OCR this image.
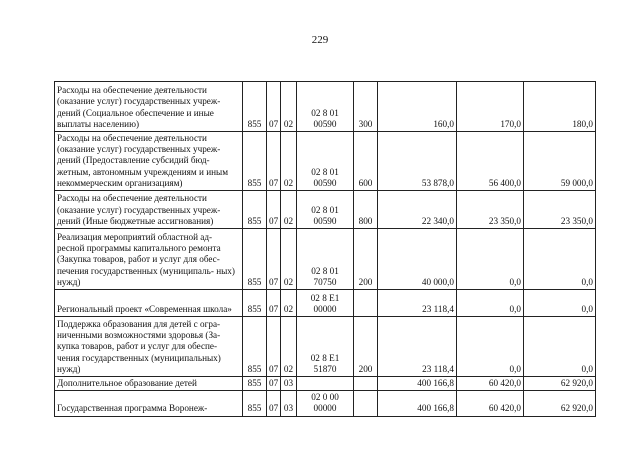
229
Расходы на обеспечение деятельности (оказание услуг) государственных учреж- дений (Социальное обеспечение и иные выплаты населению)	855	07	02	02 8 01 00590	300	160,0	170,0	180,0

Расходы на обеспечение деятельности (оказание услуг) государственных учреж- дений (Предоставление субсидий бюд- жетным, автономным учреждениям и иным некоммерческим организациям)	855	07	02	02 8 01 00590	600	53 878,0	56 400,0	59 000,0

Расходы на обеспечение деятельности (оказание услуг) государственных учреж- дений (Иные бюджетные ассигнования)	855	07	02	02 8 01 00590	800	22 340,0	23 350,0	23 350,0

Реализация мероприятий областной ад- ресной программы капитального ремонта (Закупка товаров, работ и услуг для обес- печения государственных (муниципаль- ных) нужд)	855	07	02	02 8 01 70750	200	40 000,0	0,0	0,0

Региональный проект «Современная школа»	855	07	02	02 8 E1 00000		23 118,4	0,0	0,0

Поддержка образования для детей с огра- ниченными возможностями здоровья (За- купка товаров, работ и услуг для обеспе- чения государственных (муниципальных) нужд)	855	07	02	02 8 E1 51870	200	23 118,4	0,0	0,0

Дополнительное образование детей	855	07	03			400 166,8	60 420,0	62 920,0

Государственная программа Воронеж-	855	07	03	02 0 00 00000		400 166,8	60 420,0	62 920,0
